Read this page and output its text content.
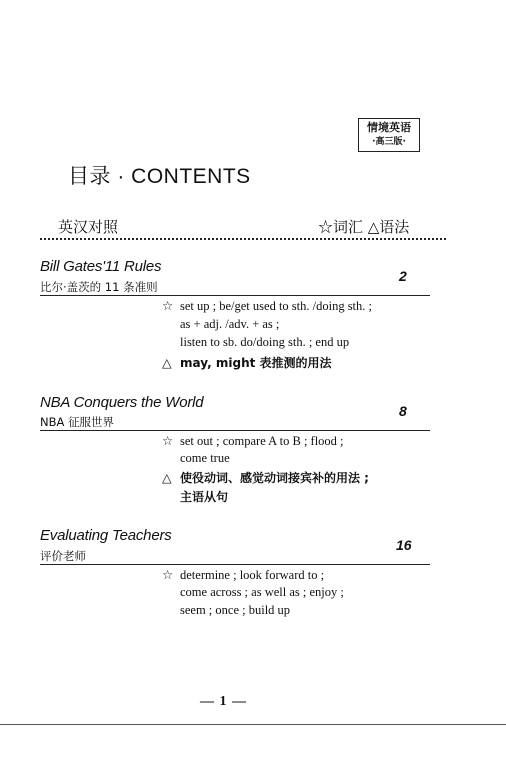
情境英语
·高三版·
目录 · CONTENTS
英汉对照	☆词汇 △语法
Bill Gates'11 Rules
2
比尔·盖茨的 11 条准则
☆ set up ; be/get used to sth. /doing sth. ;
as + adj. /adv. + as ;
listen to sb. do/doing sth. ; end up
△ may, might 表推测的用法
NBA Conquers the World	8
NBA 征服世界
☆ set out ; compare A to B ; flood ;
come true
△ 使役动词、感觉动词接宾补的用法 ;
主语从句
Evaluating Teachers
16
评价老师
☆ determine ; look forward to ;
come across ; as well as ; enjoy ;
seem ; once ; build up
— 1 —
